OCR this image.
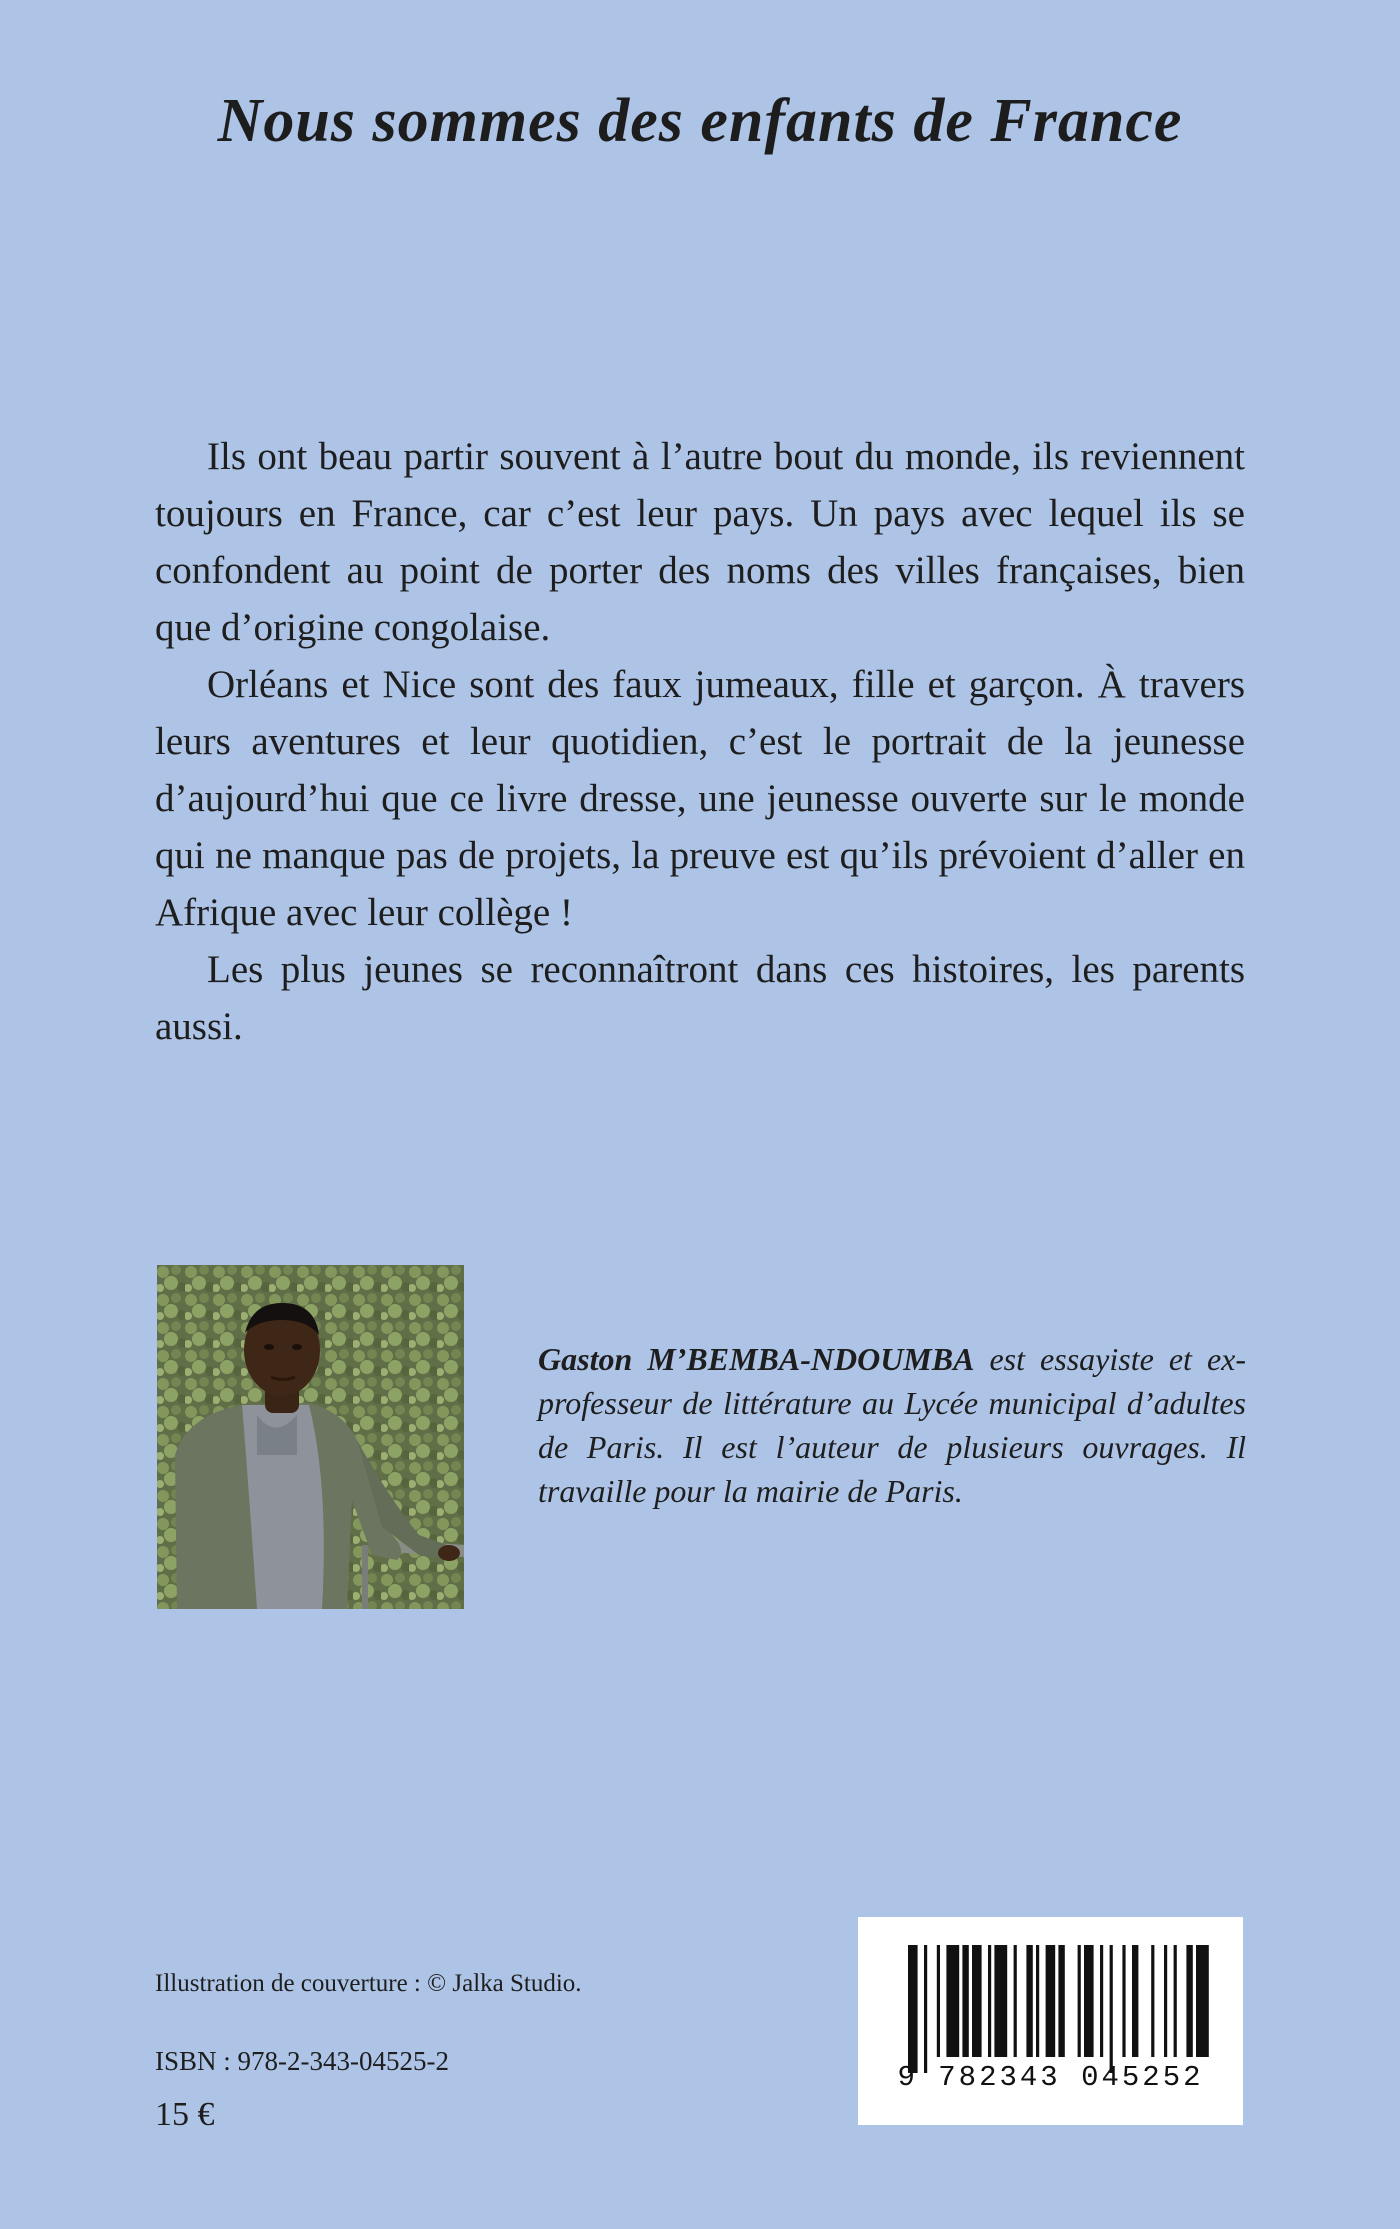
Nous sommes des enfants de France

Ils ont beau partir souvent à l’autre bout du monde, ils reviennent toujours en France, car c’est leur pays. Un pays avec lequel ils se confondent au point de porter des noms des villes françaises, bien que d’origine congolaise.

Orléans et Nice sont des faux jumeaux, fille et garçon. À travers leurs aventures et leur quotidien, c’est le portrait de la jeunesse d’aujourd’hui que ce livre dresse, une jeunesse ouverte sur le monde qui ne manque pas de projets, la preuve est qu’ils prévoient d’aller en Afrique avec leur collège !

Les plus jeunes se reconnaîtront dans ces histoires, les parents aussi.

Gaston M’BEMBA-NDOUMBA est essayiste et ex-professeur de littérature au Lycée municipal d’adultes de Paris. Il est l’auteur de plusieurs ouvrages. Il travaille pour la mairie de Paris.
Illustration de couverture : © Jalka Studio.
ISBN : 978-2-343-04525-2
15 €
9 782343 045252
